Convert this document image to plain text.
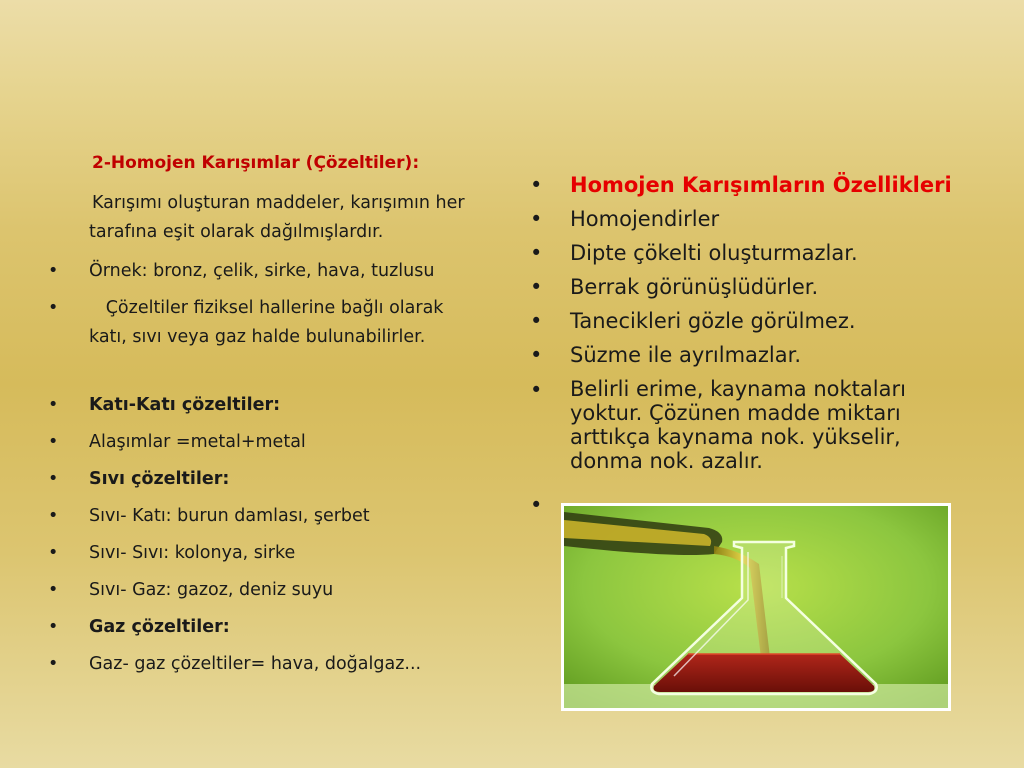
2-Homojen Karışımlar (Çözeltiler):
Karışımı oluşturan maddeler, karışımın her tarafına eşit olarak dağılmışlardır.
•	Örnek: bronz, çelik, sirke, hava, tuzlusu
•	Çözeltiler fiziksel hallerine bağlı olarak katı, sıvı veya gaz halde bulunabilirler.
•	Katı-Katı çözeltiler:
•	Alaşımlar =metal+metal
•	Sıvı çözeltiler:
•	Sıvı- Katı: burun damlası, şerbet
•	Sıvı- Sıvı: kolonya, sirke
•	Sıvı- Gaz: gazoz, deniz suyu
•	Gaz çözeltiler:
•	Gaz- gaz çözeltiler= hava, doğalgaz...
•	Homojen Karışımların Özellikleri
•	Homojendirler
•	Dipte çökelti oluşturmazlar.
•	Berrak görünüşlüdürler.
•	Tanecikleri gözle görülmez.
•	Süzme ile ayrılmazlar.
•	Belirli erime, kaynama noktaları yoktur. Çözünen madde miktarı arttıkça kaynama nok. yükselir, donma nok. azalır.
•
